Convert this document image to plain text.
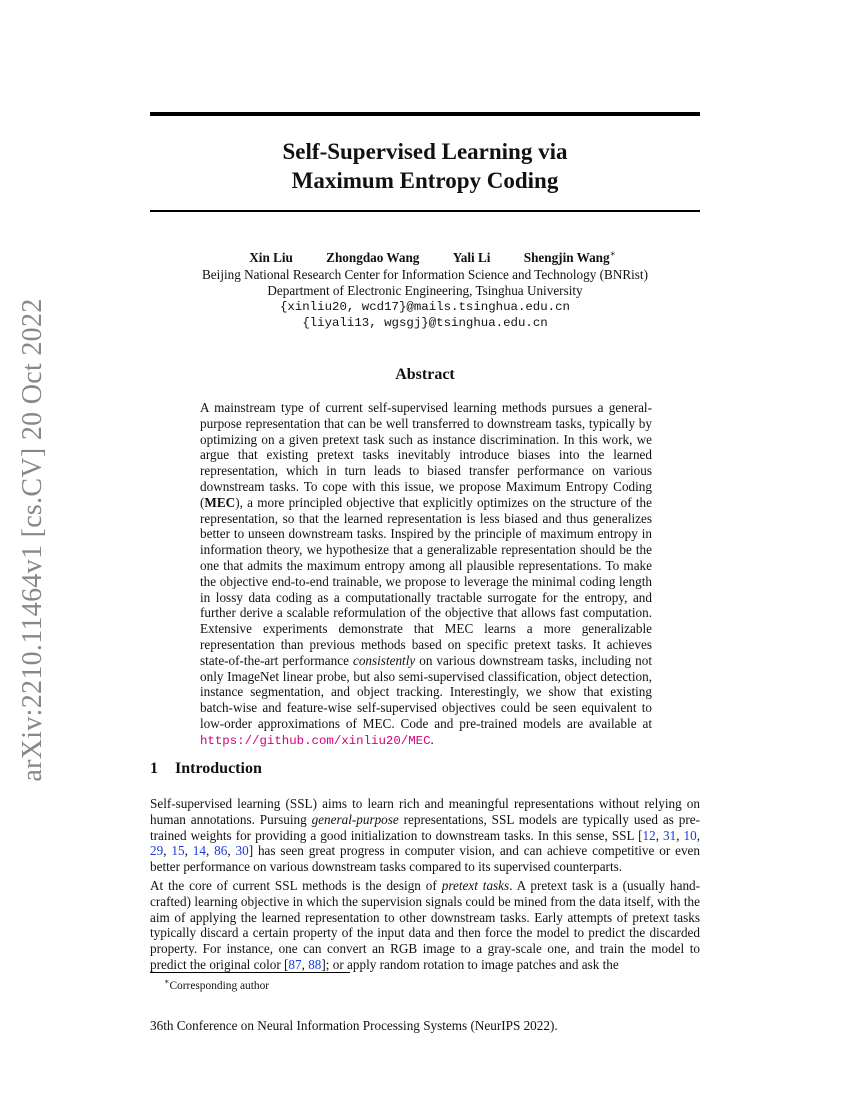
arXiv:2210.11464v1 [cs.CV] 20 Oct 2022
Self-Supervised Learning via
Maximum Entropy Coding
Xin Liu	Zhongdao Wang	Yali Li	Shengjin Wang∗
Beijing National Research Center for Information Science and Technology (BNRist)
Department of Electronic Engineering, Tsinghua University
{xinliu20, wcd17}@mails.tsinghua.edu.cn
{liyali13, wgsgj}@tsinghua.edu.cn
Abstract
A mainstream type of current self-supervised learning methods pursues a general-purpose representation that can be well transferred to downstream tasks, typically by optimizing on a given pretext task such as instance discrimination. In this work, we argue that existing pretext tasks inevitably introduce biases into the learned representation, which in turn leads to biased transfer performance on various downstream tasks. To cope with this issue, we propose Maximum Entropy Coding (MEC), a more principled objective that explicitly optimizes on the structure of the representation, so that the learned representation is less biased and thus generalizes better to unseen downstream tasks. Inspired by the principle of maximum entropy in information theory, we hypothesize that a generalizable representation should be the one that admits the maximum entropy among all plausible representations. To make the objective end-to-end trainable, we propose to leverage the minimal coding length in lossy data coding as a computationally tractable surrogate for the entropy, and further derive a scalable reformulation of the objective that allows fast computation. Extensive experiments demonstrate that MEC learns a more generalizable representation than previous methods based on specific pretext tasks. It achieves state-of-the-art performance consistently on various downstream tasks, including not only ImageNet linear probe, but also semi-supervised classification, object detection, instance segmentation, and object tracking. Interestingly, we show that existing batch-wise and feature-wise self-supervised objectives could be seen equivalent to low-order approximations of MEC. Code and pre-trained models are available at https://github.com/xinliu20/MEC.
1 Introduction
Self-supervised learning (SSL) aims to learn rich and meaningful representations without relying on human annotations. Pursuing general-purpose representations, SSL models are typically used as pre-trained weights for providing a good initialization to downstream tasks. In this sense, SSL [12, 31, 10, 29, 15, 14, 86, 30] has seen great progress in computer vision, and can achieve competitive or even better performance on various downstream tasks compared to its supervised counterparts.
At the core of current SSL methods is the design of pretext tasks. A pretext task is a (usually hand-crafted) learning objective in which the supervision signals could be mined from the data itself, with the aim of applying the learned representation to other downstream tasks. Early attempts of pretext tasks typically discard a certain property of the input data and then force the model to predict the discarded property. For instance, one can convert an RGB image to a gray-scale one, and train the model to predict the original color [87, 88]; or apply random rotation to image patches and ask the
∗Corresponding author
36th Conference on Neural Information Processing Systems (NeurIPS 2022).
